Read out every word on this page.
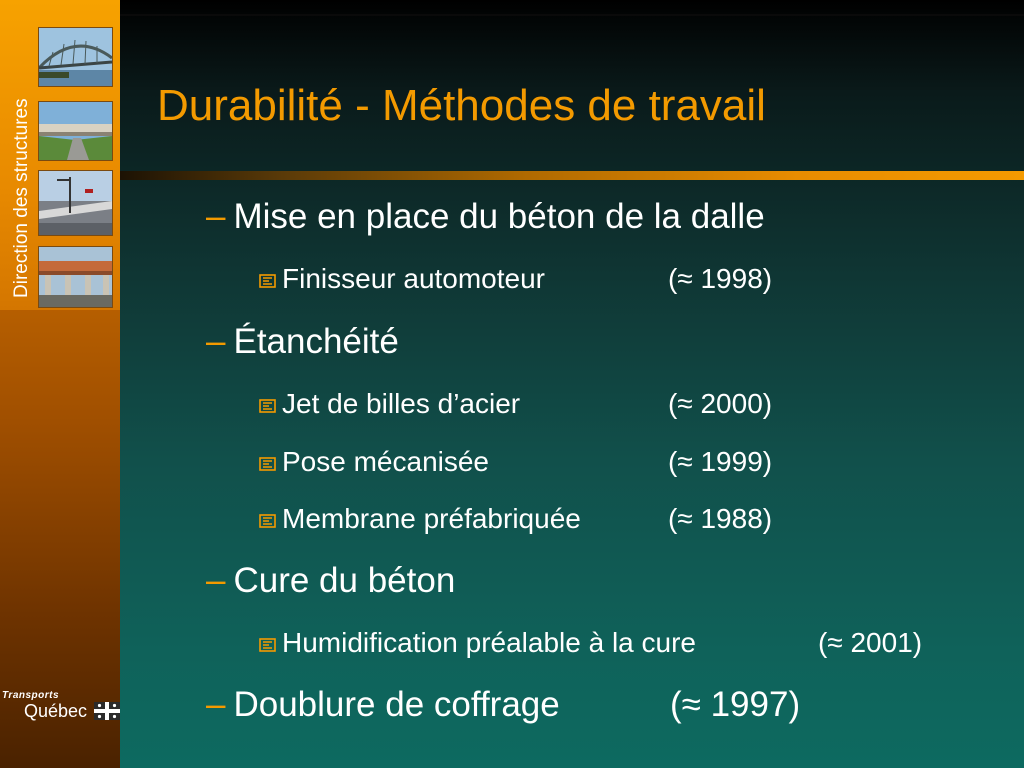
Direction des structures
Transports
Québec
Durabilité - Méthodes de travail
– Mise en place du béton de la dalle
Finisseur automoteur	(≈ 1998)
– Étanchéité
Jet de billes d’acier	(≈ 2000)
Pose mécanisée	(≈ 1999)
Membrane préfabriquée	(≈ 1988)
– Cure du béton
Humidification préalable à la cure	(≈ 2001)
– Doublure de coffrage	(≈ 1997)
